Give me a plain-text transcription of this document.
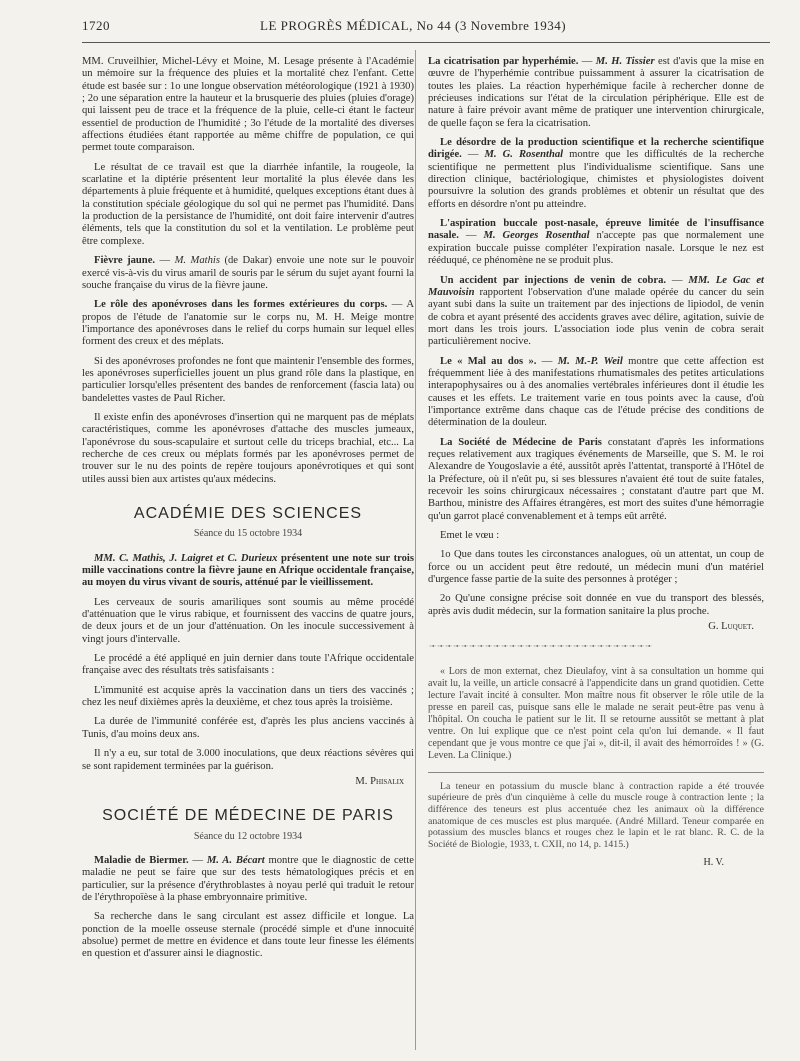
1720	LE PROGRÈS MÉDICAL, No 44 (3 Novembre 1934)

MM. Cruveilhier, Michel-Lévy et Moine, M. Lesage présente à l'Académie un mémoire sur la fréquence des pluies et la mortalité chez l'enfant. Cette étude est basée sur : 1o une longue observation météorologique (1921 à 1930) ; 2o une séparation entre la hauteur et la brusquerie des pluies (pluies d'orage) qui laissent peu de trace et la fréquence de la pluie, celle-ci étant le facteur essentiel de production de l'humidité ; 3o l'étude de la mortalité des diverses affections étudiées étant rapportée au même chiffre de population, ce qui permet toute comparaison.

Le résultat de ce travail est que la diarrhée infantile, la rougeole, la scarlatine et la diptérie présentent leur mortalité la plus élevée dans les départements à pluie fréquente et à humidité, quelques exceptions étant dues à la constitution spéciale géologique du sol qui ne permet pas l'humidité. Dans la production de la persistance de l'humidité, ont doit faire intervenir d'autres éléments, tels que la constitution du sol et la ventilation. Le problème peut être complexe.

Fièvre jaune. — M. Mathis (de Dakar) envoie une note sur le pouvoir exercé vis-à-vis du virus amaril de souris par le sérum du sujet ayant fourni la souche française du virus de la fièvre jaune.

Le rôle des aponévroses dans les formes extérieures du corps. — A propos de l'étude de l'anatomie sur le corps nu, M. H. Meige montre l'importance des aponévroses dans le relief du corps humain sur lequel elles forment des creux et des méplats.

Si des aponévroses profondes ne font que maintenir l'ensemble des formes, les aponévroses superficielles jouent un plus grand rôle dans la plastique, en particulier lorsqu'elles présentent des bandes de renforcement (fascia lata) ou bandelettes vastes de Paul Richer.

Il existe enfin des aponévroses d'insertion qui ne marquent pas de méplats caractéristiques, comme les aponévroses d'attache des muscles jumeaux, l'aponévrose du sous-scapulaire et surtout celle du triceps brachial, etc... La recherche de ces creux ou méplats formés par les aponévroses permet de trouver sur le nu des points de repère toujours aponévrotiques et qui sont utiles aussi bien aux artistes qu'aux médecins.

ACADÉMIE DES SCIENCES
Séance du 15 octobre 1934

MM. C. Mathis, J. Laigret et C. Durieux présentent une note sur trois mille vaccinations contre la fièvre jaune en Afrique occidentale française, au moyen du virus vivant de souris, atténué par le vieillissement.

Les cerveaux de souris amariliques sont soumis au même procédé d'atténuation que le virus rabique, et fournissent des vaccins de quatre jours, de deux jours et de un jour d'atténuation. On les inocule successivement à vingt jours d'intervalle.

Le procédé a été appliqué en juin dernier dans toute l'Afrique occidentale française avec des résultats très satisfaisants :

L'immunité est acquise après la vaccination dans un tiers des vaccinés ; chez les neuf dixièmes après la deuxième, et chez tous après la troisième.

La durée de l'immunité conférée est, d'après les plus anciens vaccinés à Tunis, d'au moins deux ans.

Il n'y a eu, sur total de 3.000 inoculations, que deux réactions sévères qui se sont rapidement terminées par la guérison.

M. Phisalix
SOCIÉTÉ DE MÉDECINE DE PARIS
Séance du 12 octobre 1934

Maladie de Biermer. — M. A. Bécart montre que le diagnostic de cette maladie ne peut se faire que sur des tests hématologiques précis et en particulier, sur la présence d'érythroblastes à noyau perlé qui traduit le retour de l'érythropoïèse à la phase embryonnaire primitive.

Sa recherche dans le sang circulant est assez difficile et longue. La ponction de la moelle osseuse sternale (procédé simple et d'une innocuité absolue) permet de mettre en évidence et dans toute leur finesse les éléments en question et d'assurer ainsi le diagnostic.

La cicatrisation par hyperhémie. — M. H. Tissier est d'avis que la mise en œuvre de l'hyperhémie contribue puissamment à assurer la cicatrisation de toutes les plaies. La réaction hyperhémique facile à rechercher donne de précieuses indications sur l'état de la circulation périphérique. Elle est de nature à faire prévoir avant même de pratiquer une intervention chirurgicale, de quelle façon se fera la cicatrisation.

Le désordre de la production scientifique et la recherche scientifique dirigée. — M. G. Rosenthal montre que les difficultés de la recherche scientifique ne permettent plus l'individualisme scientifique. Sans une direction clinique, bactériologique, chimistes et physiologistes doivent poursuivre la solution des grands problèmes et obtenir un résultat que des efforts en désordre n'ont pu atteindre.

L'aspiration buccale post-nasale, épreuve limitée de l'insuffisance nasale. — M. Georges Rosenthal n'accepte pas que normalement une expiration buccale puisse compléter l'expiration nasale. Lorsque le nez est rééduqué, ce phénomène ne se produit plus.

Un accident par injections de venin de cobra. — MM. Le Gac et Mauvoisin rapportent l'observation d'une malade opérée du cancer du sein ayant subi dans la suite un traitement par des injections de lipiodol, de venin de cobra et ayant présenté des accidents graves avec délire, agitation, suivie de mort dans les trois jours. L'association iode plus venin de cobra serait particulièrement nocive.

Le « Mal au dos ». — M. M.-P. Weil montre que cette affection est fréquemment liée à des manifestations rhumatismales des petites articulations interapophysaires ou à des anomalies vertébrales inférieures dont il étudie les causes et les effets. Le traitement varie en tous points avec la cause, d'où l'importance extrême dans chaque cas de l'étude précise des conditions de détermination de la douleur.

La Société de Médecine de Paris constatant d'après les informations reçues relativement aux tragiques événements de Marseille, que S. M. le roi Alexandre de Yougoslavie a été, aussitôt après l'attentat, transporté à l'Hôtel de la Préfecture, où il n'eût pu, si ses blessures n'avaient été tout de suite fatales, recevoir les soins chirurgicaux nécessaires ; constatant d'autre part que M. Barthou, ministre des Affaires étrangères, est mort des suites d'une hémorragie qu'un garrot placé convenablement et à temps eût arrêté.

Emet le vœu :

1o Que dans toutes les circonstances analogues, où un attentat, un coup de force ou un accident peut être redouté, un médecin muni d'un matériel d'urgence fasse partie de la suite des personnes à protéger ;

2o Qu'une consigne précise soit donnée en vue du transport des blessés, après avis dudit médecin, sur la formation sanitaire la plus proche.

G. Luquet.
🙬🙬🙬🙬🙬🙬🙬🙬🙬🙬🙬🙬🙬🙬🙬🙬🙬🙬🙬🙬🙬🙬🙬🙬🙬🙬🙬🙬

« Lors de mon externat, chez Dieulafoy, vint à sa consultation un homme qui avait lu, la veille, un article consacré à l'appendicite dans un grand quotidien. Cette lecture l'avait incité à consulter. Mon maître nous fit observer le rôle utile de la presse en pareil cas, puisque sans elle le malade ne serait peut-être pas venu à l'hôpital. On coucha le patient sur le lit. Il se retourne aussitôt se mettant à plat ventre. On lui explique que ce n'est point cela qu'on lui demande. « Il faut cependant que je vous montre ce que j'ai », dit-il, il avait des hémorroïdes ! » (G. Leven. La Clinique.)

La teneur en potassium du muscle blanc à contraction rapide a été trouvée supérieure de près d'un cinquième à celle du muscle rouge à contraction lente ; la différence des teneurs est plus accentuée chez les animaux où la différence anatomique de ces muscles est plus marquée. (André Millard. Teneur comparée en potassium des muscles blancs et rouges chez le lapin et le rat blanc. R. C. de la Société de Biologie, 1933, t. CXII, no 14, p. 1415.)

H. V.
